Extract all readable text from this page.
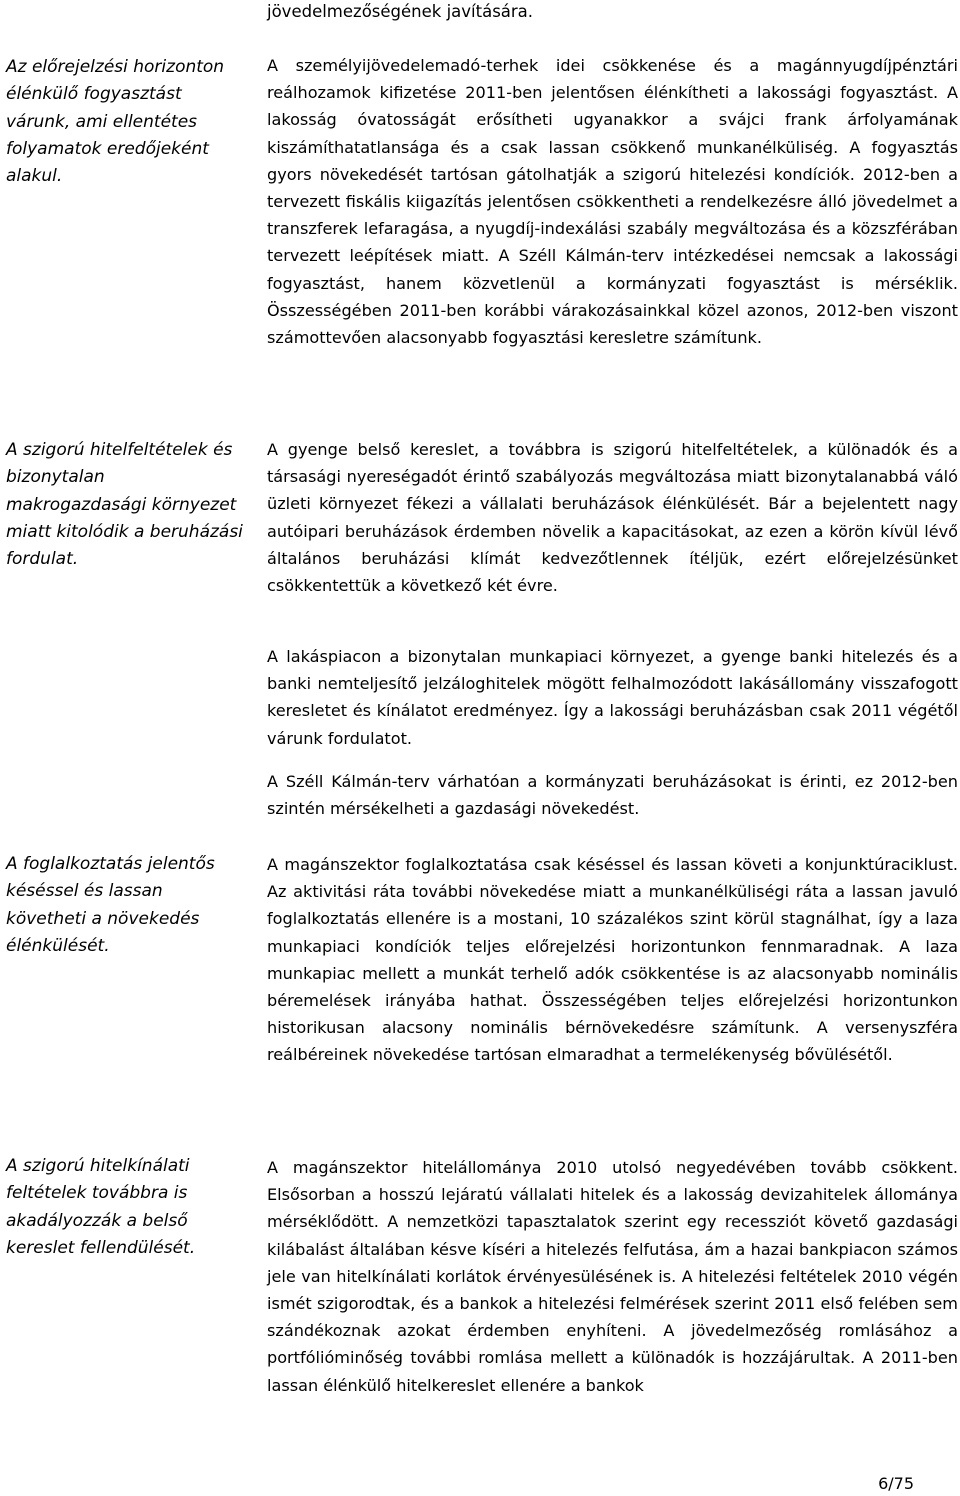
jövedelmezőségének javítására.
Az előrejelzési horizonton élénkülő fogyasztást várunk, ami ellentétes folyamatok eredőjeként alakul.
A szigorú hitelfeltételek és bizonytalan makrogazdasági környezet miatt kitolódik a beruházási fordulat.
A foglalkoztatás jelentős késéssel és lassan követheti a növekedés élénkülését.
A szigorú hitelkínálati feltételek továbbra is akadályozzák a belső kereslet fellendülését.
A személyijövedelemadó-terhek idei csökkenése és a magánnyugdíjpénztári reálhozamok kifizetése 2011-ben jelentősen élénkítheti a lakossági fogyasztást. A lakosság óvatosságát erősítheti ugyanakkor a svájci frank árfolyamának kiszámíthatatlansága és a csak lassan csökkenő munkanélküliség. A fogyasztás gyors növekedését tartósan gátolhatják a szigorú hitelezési kondíciók. 2012-ben a tervezett fiskális kiigazítás jelentősen csökkentheti a rendelkezésre álló jövedelmet a transzferek lefaragása, a nyugdíj-indexálási szabály megváltozása és a közszférában tervezett leépítések miatt. A Széll Kálmán-terv intézkedései nemcsak a lakossági fogyasztást, hanem közvetlenül a kormányzati fogyasztást is mérséklik. Összességében 2011-ben korábbi várakozásainkkal közel azonos, 2012-ben viszont számottevően alacsonyabb fogyasztási keresletre számítunk.
A gyenge belső kereslet, a továbbra is szigorú hitelfeltételek, a különadók és a társasági nyereségadót érintő szabályozás megváltozása miatt bizonytalanabbá váló üzleti környezet fékezi a vállalati beruházások élénkülését. Bár a bejelentett nagy autóipari beruházások érdemben növelik a kapacitásokat, az ezen a körön kívül lévő általános beruházási klímát kedvezőtlennek ítéljük, ezért előrejelzésünket csökkentettük a következő két évre.
A lakáspiacon a bizonytalan munkapiaci környezet, a gyenge banki hitelezés és a banki nemteljesítő jelzáloghitelek mögött felhalmozódott lakásállomány visszafogott keresletet és kínálatot eredményez. Így a lakossági beruházásban csak 2011 végétől várunk fordulatot.
A Széll Kálmán-terv várhatóan a kormányzati beruházásokat is érinti, ez 2012-ben szintén mérsékelheti a gazdasági növekedést.
A magánszektor foglalkoztatása csak késéssel és lassan követi a konjunktúraciklust. Az aktivitási ráta további növekedése miatt a munkanélküliségi ráta a lassan javuló foglalkoztatás ellenére is a mostani, 10 százalékos szint körül stagnálhat, így a laza munkapiaci kondíciók teljes előrejelzési horizontunkon fennmaradnak. A laza munkapiac mellett a munkát terhelő adók csökkentése is az alacsonyabb nominális béremelések irányába hathat. Összességében teljes előrejelzési horizontunkon historikusan alacsony nominális bérnövekedésre számítunk. A versenyszféra reálbéreinek növekedése tartósan elmaradhat a termelékenység bővülésétől.
A magánszektor hitelállománya 2010 utolsó negyedévében tovább csökkent. Elsősorban a hosszú lejáratú vállalati hitelek és a lakosság devizahitelek állománya mérséklődött. A nemzetközi tapasztalatok szerint egy recessziót követő gazdasági kilábalást általában késve kíséri a hitelezés felfutása, ám a hazai bankpiacon számos jele van hitelkínálati korlátok érvényesülésének is. A hitelezési feltételek 2010 végén ismét szigorodtak, és a bankok a hitelezési felmérések szerint 2011 első felében sem szándékoznak azokat érdemben enyhíteni. A jövedelmezőség romlásához a portfólióminőség további romlása mellett a különadók is hozzájárultak. A 2011-ben lassan élénkülő hitelkereslet ellenére a bankok
6/75
